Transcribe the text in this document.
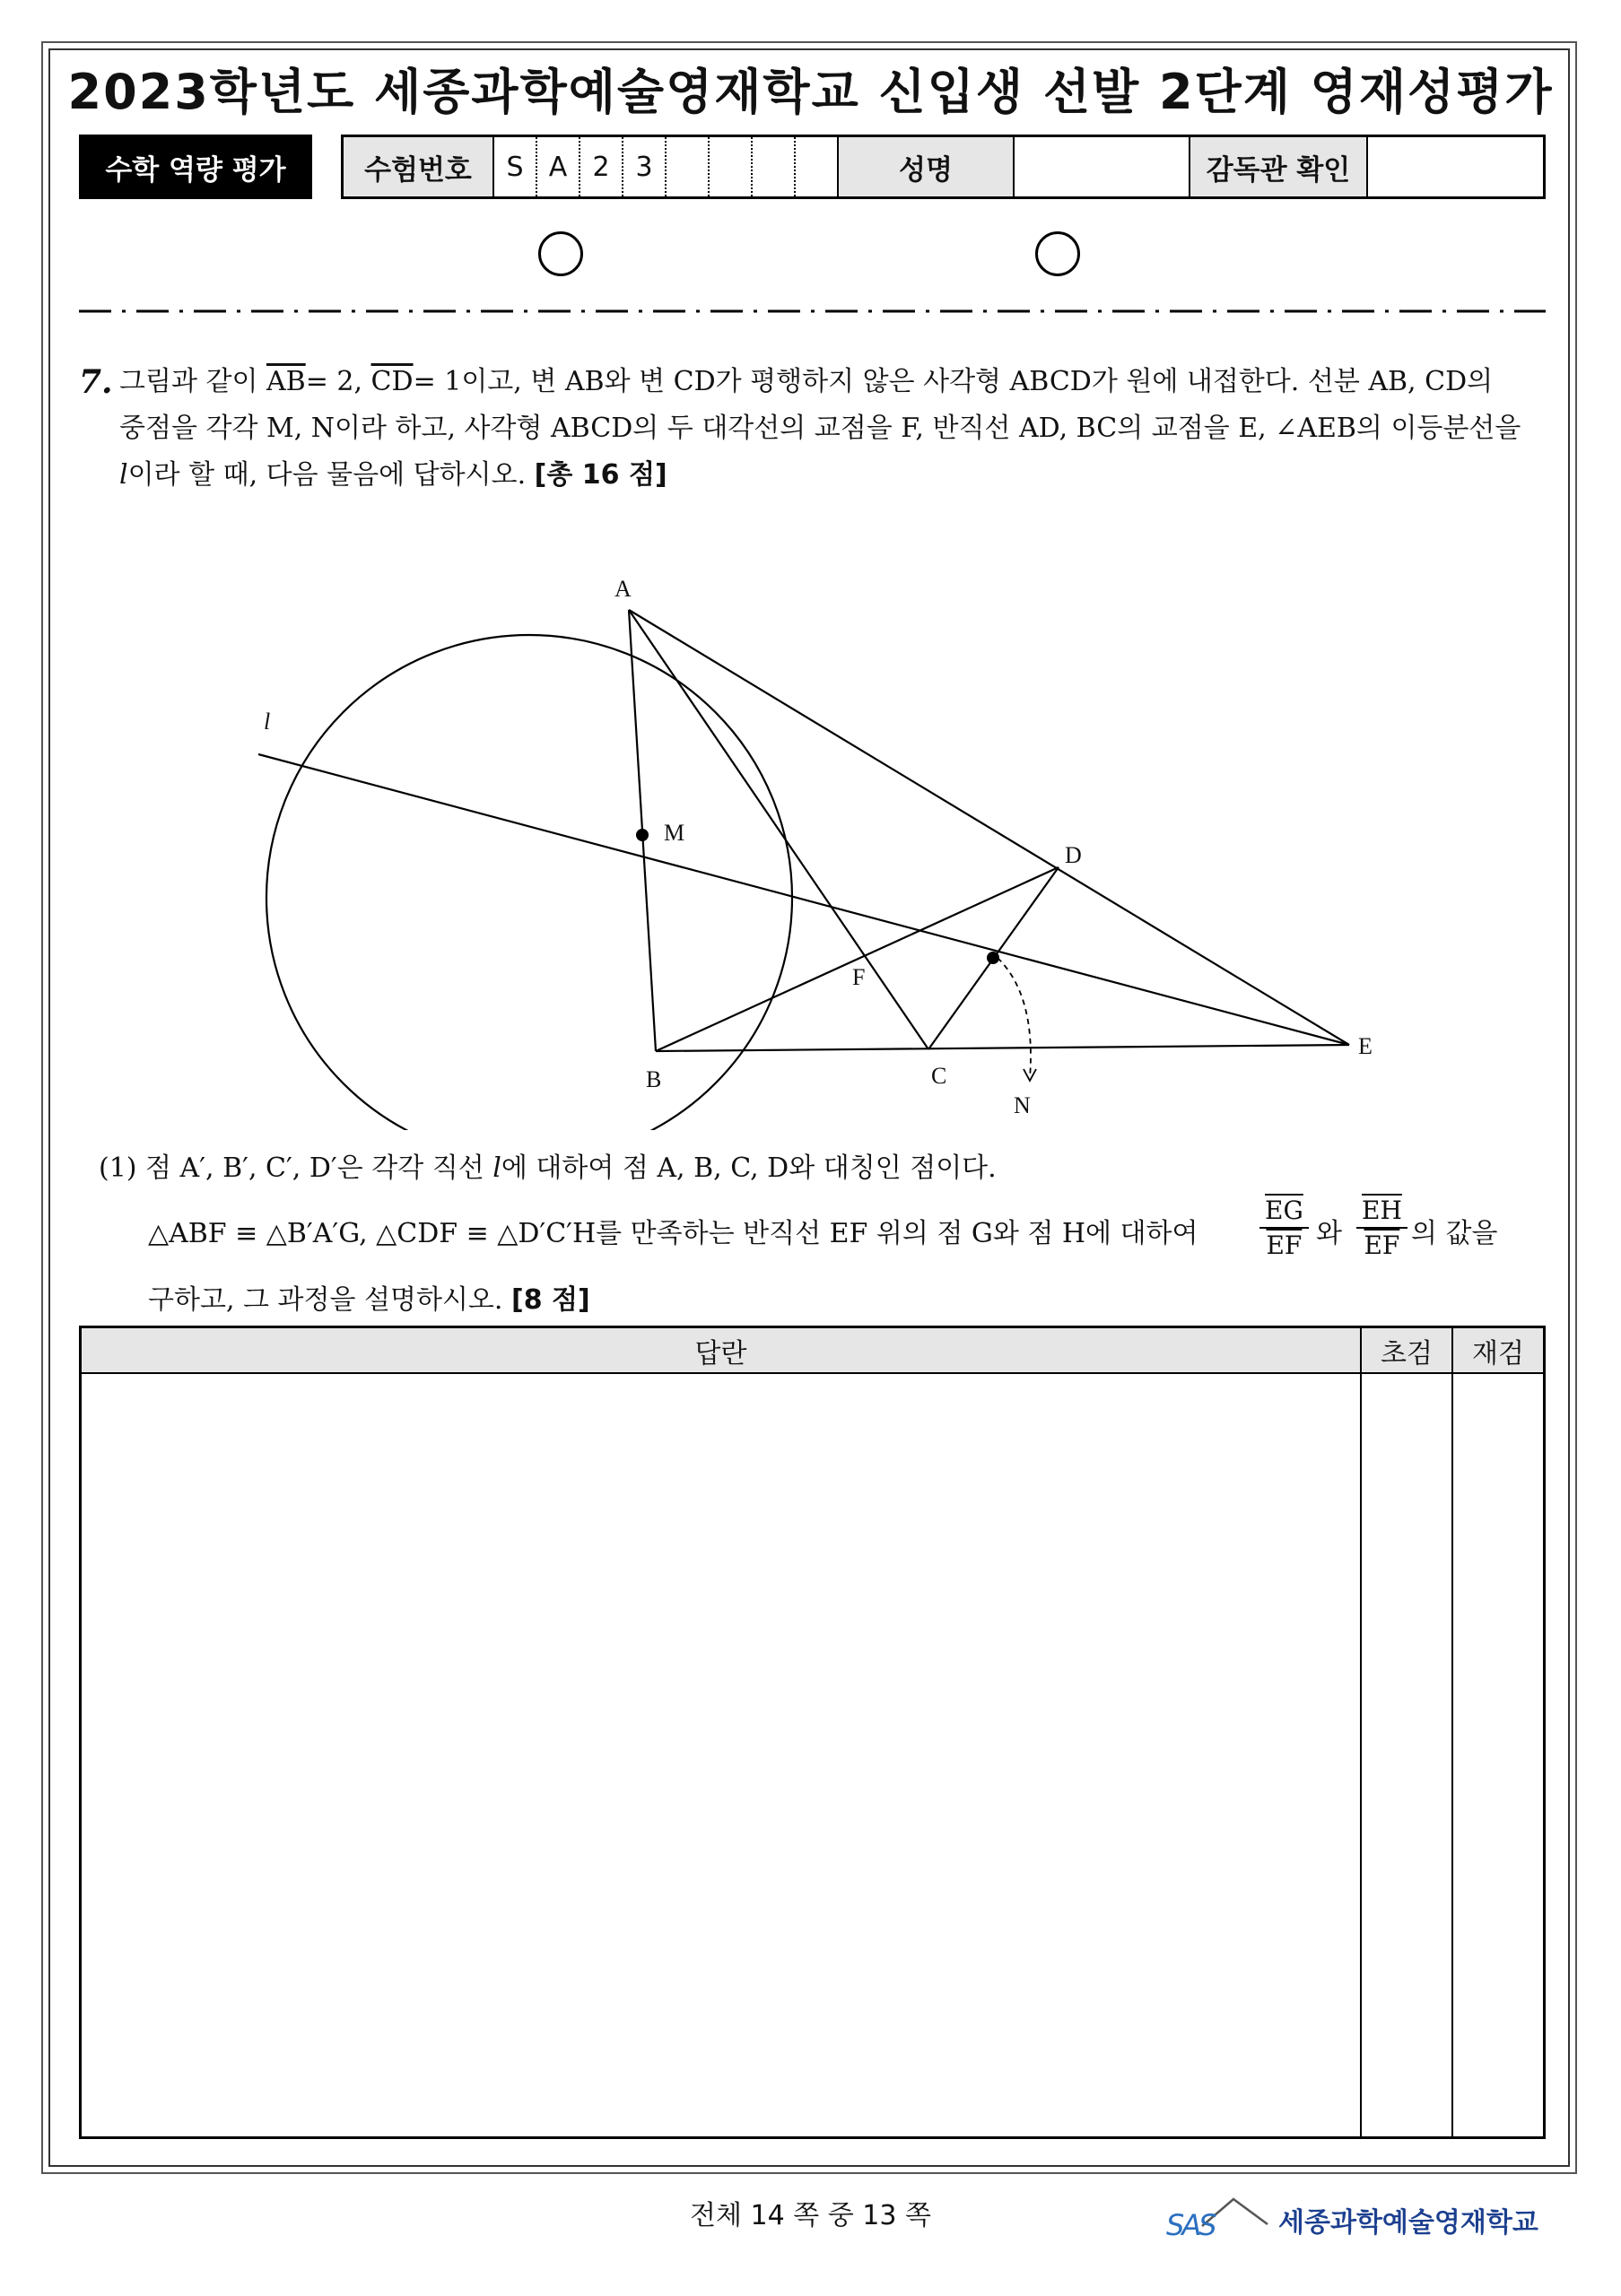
2023학년도 세종과학예술영재학교 신입생 선발 2단계 영재성평가
수학 역량 평가	수험번호	S A 2 3	성명	감독관 확인
7. 그림과 같이 $\overline{AB}= 2$, $\overline{CD}= 1$이고, 변 AB와 변 CD가 평행하지 않은 사각형 ABCD가 원에 내접한다. 선분 AB, CD의
중점을 각각 M, N이라 하고, 사각형 ABCD의 두 대각선의 교점을 F, 반직선 AD, BC의 교점을 E, ∠AEB의 이등분선을
l이라 할 때, 다음 물음에 답하시오. [총 16 점]
A
B	C
D
E
F
M
N
l
(1) 점 A′, B′, C′, D′은 각각 직선 l에 대하여 점 A, B, C, D와 대칭인 점이다.
△ABF ≡ △B′A′G, △CDF ≡ △D′C′H를 만족하는 반직선 EF 위의 점 G와 점 H에 대하여 $\frac{\overline{EG}}{EF}$ 와 $\frac{\overline{EH}}{EF}$ 의 값을
구하고, 그 과정을 설명하시오. [8 점]
답란	초검	재검
전체 14 쪽 중 13 쪽	SAS 세종과학예술영재학교
